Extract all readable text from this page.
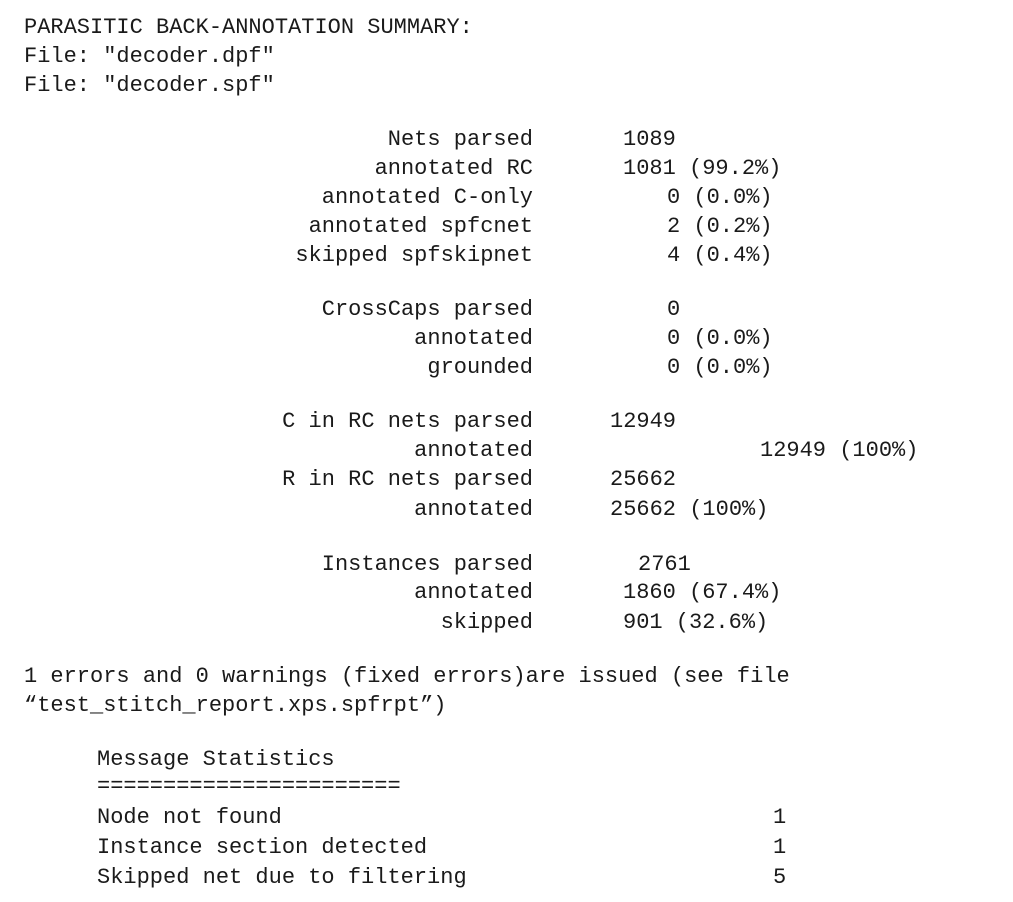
PARASITIC BACK-ANNOTATION SUMMARY:
File: "decoder.dpf"
File: "decoder.spf"
Nets parsed	1089
annotated RC	1081 (99.2%)
annotated C-only	0 (0.0%)
annotated spfcnet	2 (0.2%)
skipped spfskipnet	4 (0.4%)
CrossCaps parsed	0
annotated	0 (0.0%)
grounded	0 (0.0%)
C in RC nets parsed	12949
annotated	12949 (100%)
R in RC nets parsed	25662
annotated	25662 (100%)
Instances parsed	2761
annotated	1860 (67.4%)
skipped	901 (32.6%)
1 errors and 0 warnings (fixed errors)are issued (see file
“test_stitch_report.xps.spfrpt”)
Message Statistics
=======================
Node not found	1
Instance section detected	1
Skipped net due to filtering	5
